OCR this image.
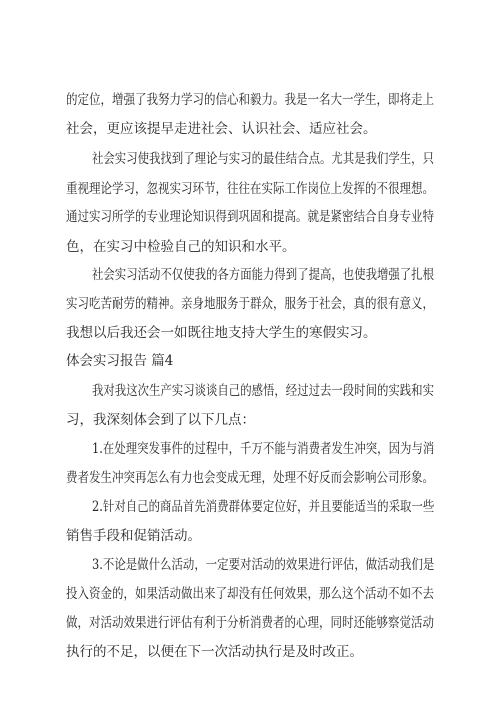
的定位，增强了我努力学习的信心和毅力。我是一名大一学生，即将走上
社会，更应该提早走进社会、认识社会、适应社会。
社会实习使我找到了理论与实习的最佳结合点。尤其是我们学生，只
重视理论学习，忽视实习环节，往往在实际工作岗位上发挥的不很理想。
通过实习所学的专业理论知识得到巩固和提高。就是紧密结合自身专业特
色，在实习中检验自己的知识和水平。
社会实习活动不仅使我的各方面能力得到了提高，也使我增强了扎根
实习吃苦耐劳的精神。亲身地服务于群众，服务于社会，真的很有意义，
我想以后我还会一如既往地支持大学生的寒假实习。
体会实习报告 篇4
我对我这次生产实习谈谈自己的感悟，经过过去一段时间的实践和实
习，我深刻体会到了以下几点：
1.在处理突发事件的过程中，千万不能与消费者发生冲突，因为与消
费者发生冲突再怎么有力也会变成无理，处理不好反而会影响公司形象。
2.针对自己的商品首先消费群体要定位好，并且要能适当的采取一些
销售手段和促销活动。
3.不论是做什么活动，一定要对活动的效果进行评估，做活动我们是
投入资金的，如果活动做出来了却没有任何效果，那么这个活动不如不去
做，对活动效果进行评估有利于分析消费者的心理，同时还能够察觉活动
执行的不足，以便在下一次活动执行是及时改正。
